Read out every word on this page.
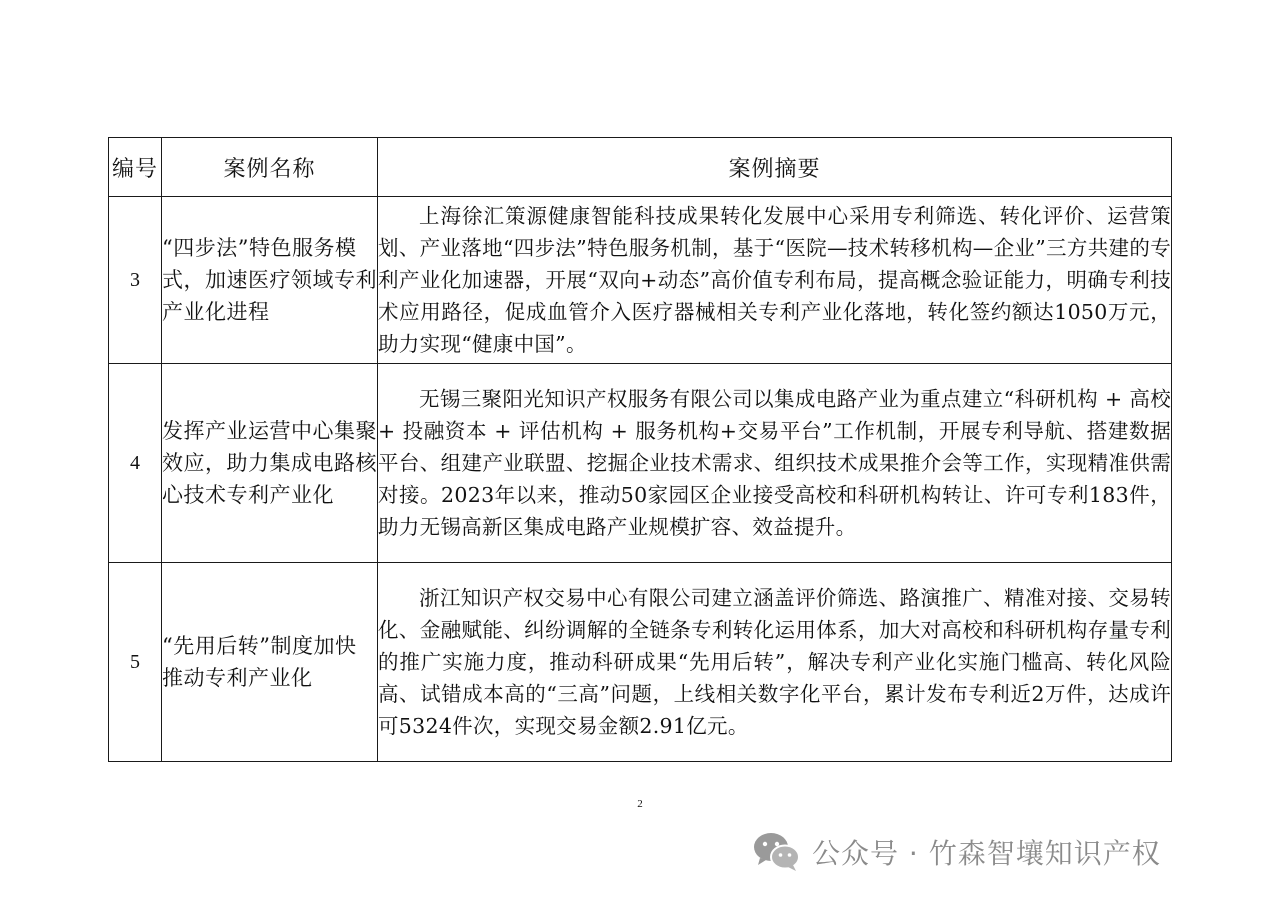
编号	案例名称	案例摘要
3	“四步法”特色服务模式，加速医疗领域专利产业化进程	上海徐汇策源健康智能科技成果转化发展中心采用专利筛选、转化评价、运营策划、产业落地“四步法”特色服务机制，基于“医院—技术转移机构—企业”三方共建的专利产业化加速器，开展“双向+动态”高价值专利布局，提高概念验证能力，明确专利技术应用路径，促成血管介入医疗器械相关专利产业化落地，转化签约额达1050万元，助力实现“健康中国”。
4	发挥产业运营中心集聚效应，助力集成电路核心技术专利产业化	无锡三聚阳光知识产权服务有限公司以集成电路产业为重点建立“科研机构 + 高校 + 投融资本 + 评估机构 + 服务机构+交易平台”工作机制，开展专利导航、搭建数据平台、组建产业联盟、挖掘企业技术需求、组织技术成果推介会等工作，实现精准供需对接。2023年以来，推动50家园区企业接受高校和科研机构转让、许可专利183件，助力无锡高新区集成电路产业规模扩容、效益提升。
5	“先用后转”制度加快推动专利产业化	浙江知识产权交易中心有限公司建立涵盖评价筛选、路演推广、精准对接、交易转化、金融赋能、纠纷调解的全链条专利转化运用体系，加大对高校和科研机构存量专利的推广实施力度，推动科研成果“先用后转”，解决专利产业化实施门槛高、转化风险高、试错成本高的“三高”问题，上线相关数字化平台，累计发布专利近2万件，达成许可5324件次，实现交易金额2.91亿元。
2
公众号 · 竹森智壤知识产权
